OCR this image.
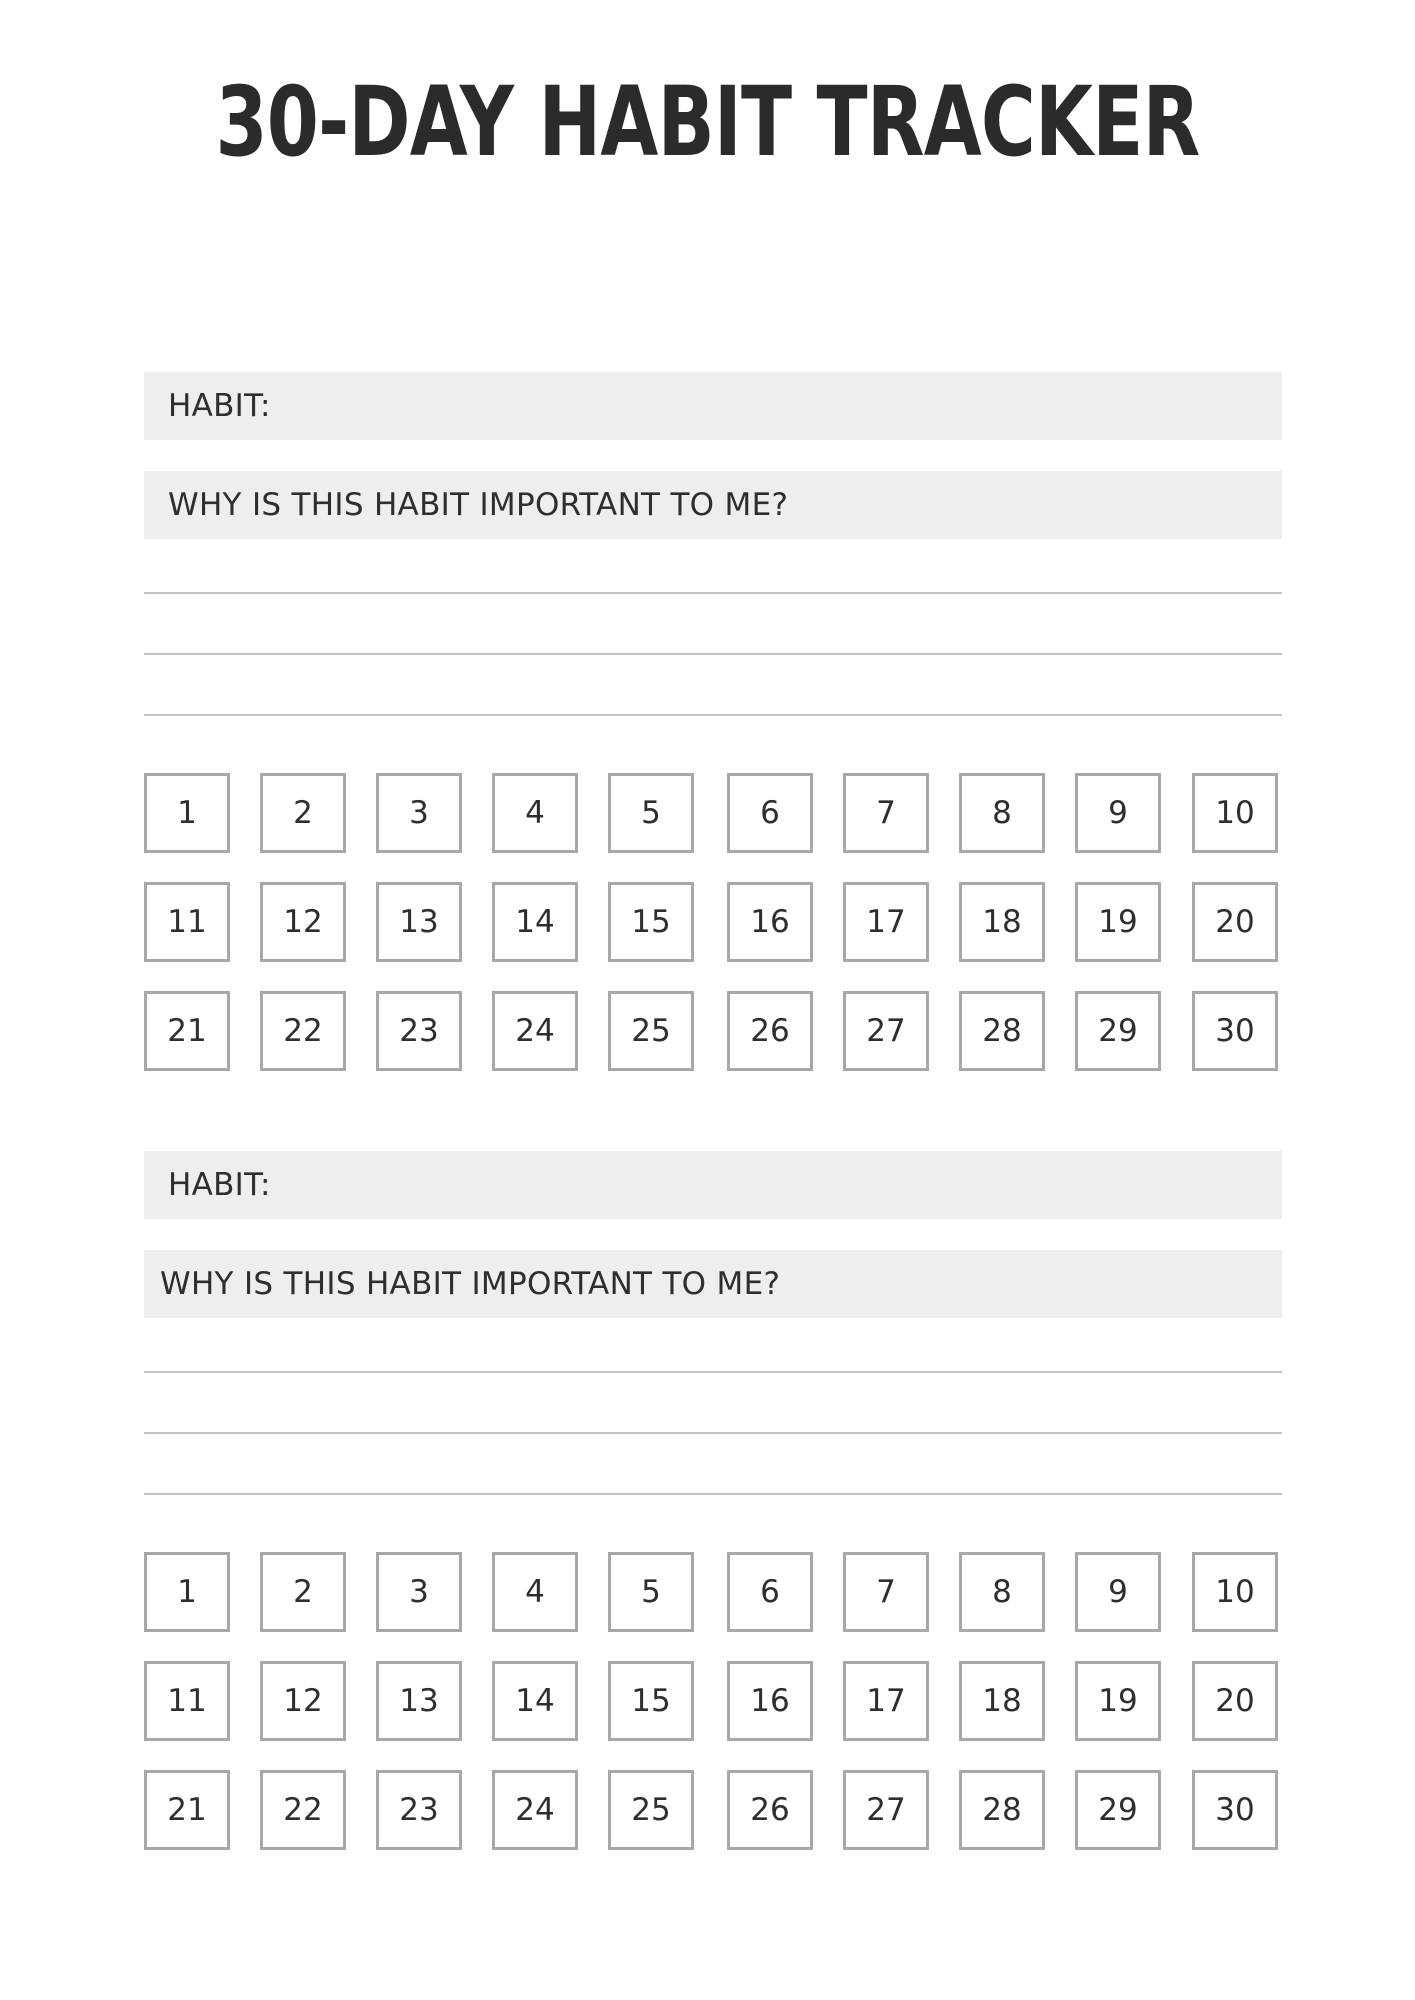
30-DAY HABIT TRACKER
HABIT:
WHY IS THIS HABIT IMPORTANT TO ME?
1	2	3	4	5	6	7	8	9	10
11	12	13	14	15	16	17	18	19	20
21	22	23	24	25	26	27	28	29	30
HABIT:
WHY IS THIS HABIT IMPORTANT TO ME?
1	2	3	4	5	6	7	8	9	10
11	12	13	14	15	16	17	18	19	20
21	22	23	24	25	26	27	28	29	30
